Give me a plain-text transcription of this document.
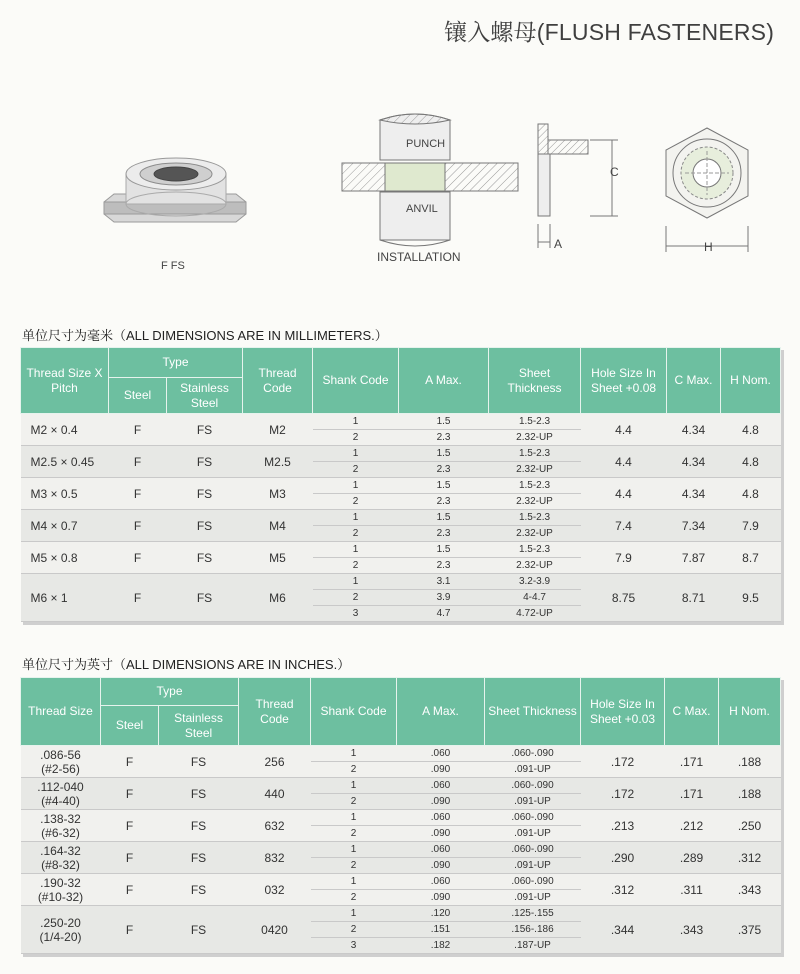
镶入螺母(FLUSH FASTENERS)
F FS
PUNCH
ANVIL
INSTALLATION
C
A	H
单位尺寸为毫米（ALL DIMENSIONS ARE IN MILLIMETERS.）
Thread Size X Pitch	Type		Thread Code	Shank Code	A Max.	Sheet Thickness	Hole Size In Sheet +0.08	C Max.	H Nom.
	Steel	Stainless Steel							
M2 × 0.4	F	FS	M2	1	1.5	1.5-2.3	4.4	4.34	4.8
				2	2.3	2.32-UP			
M2.5 × 0.45	F	FS	M2.5	1	1.5	1.5-2.3	4.4	4.34	4.8
				2	2.3	2.32-UP			
M3 × 0.5	F	FS	M3	1	1.5	1.5-2.3	4.4	4.34	4.8
				2	2.3	2.32-UP			
M4 × 0.7	F	FS	M4	1	1.5	1.5-2.3	7.4	7.34	7.9
				2	2.3	2.32-UP			
M5 × 0.8	F	FS	M5	1	1.5	1.5-2.3	7.9	7.87	8.7
				2	2.3	2.32-UP			
M6 × 1	F	FS	M6	1	3.1	3.2-3.9	8.75	8.71	9.5
				2	3.9	4-4.7			
				3	4.7	4.72-UP			
单位尺寸为英寸（ALL DIMENSIONS ARE IN INCHES.）
Thread Size	Type		Thread Code	Shank Code	A Max.	Sheet Thickness	Hole Size In Sheet +0.03	C Max.	H Nom.
	Steel	Stainless Steel							

.086-56
(#2-56)	F	FS	256	1	.060	.060-.090	.172	.171	.188
				2	.090	.091-UP			

.112-040
(#4-40)	F	FS	440	1	.060	.060-.090	.172	.171	.188
				2	.090	.091-UP			

.138-32
(#6-32)	F	FS	632	1	.060	.060-.090	.213	.212	.250
				2	.090	.091-UP			

.164-32
(#8-32)	F	FS	832	1	.060	.060-.090	.290	.289	.312
				2	.090	.091-UP			

.190-32
(#10-32)	F	FS	032	1	.060	.060-.090	.312	.311	.343
				2	.090	.091-UP			

.250-20
(1/4-20)	F	FS	0420	1	.120	.125-.155	.344	.343	.375
				2	.151	.156-.186			
				3	.182	.187-UP			
